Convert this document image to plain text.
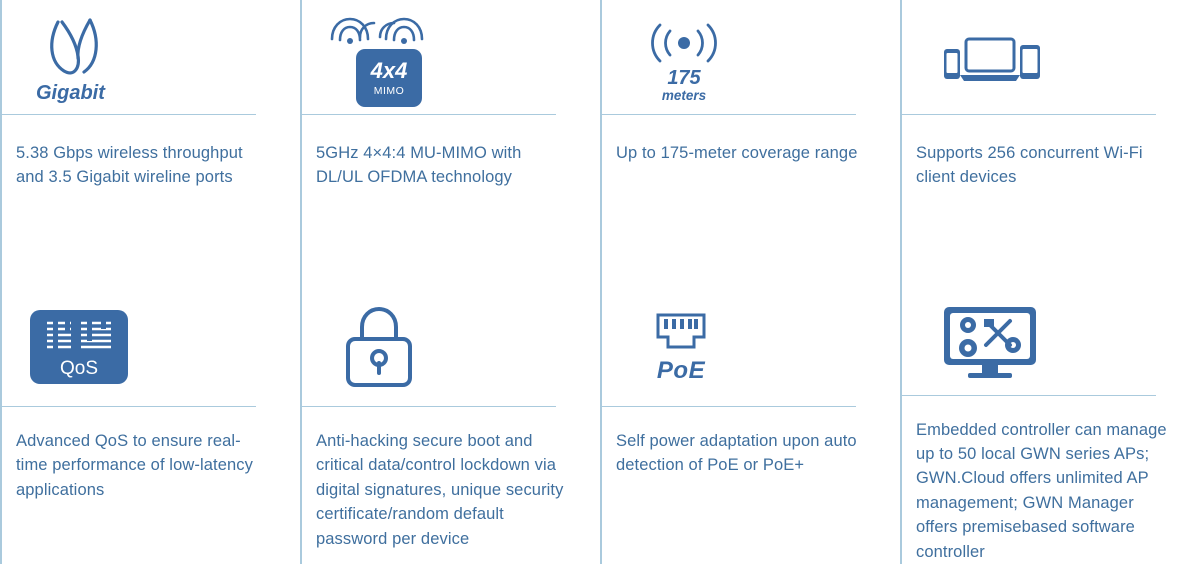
Gigabit
5.38 Gbps wireless throughput and 3.5 Gigabit wireline ports
4x4
MIMO
5GHz 4×4:4 MU-MIMO with DL/UL OFDMA technology
175
meters
Up to 175-meter coverage range	Supports 256 concurrent Wi-Fi client devices
QoS
Advanced QoS to ensure real-time performance of low-latency applications
Anti-hacking secure boot and critical data/control lockdown via digital signatures, unique security certificate/random default password per device
PoE
Self power adaptation upon auto detection of PoE or PoE+
Embedded controller can manage up to 50 local GWN series APs; GWN.Cloud offers unlimited AP management; GWN Manager offers premisebased software controller
